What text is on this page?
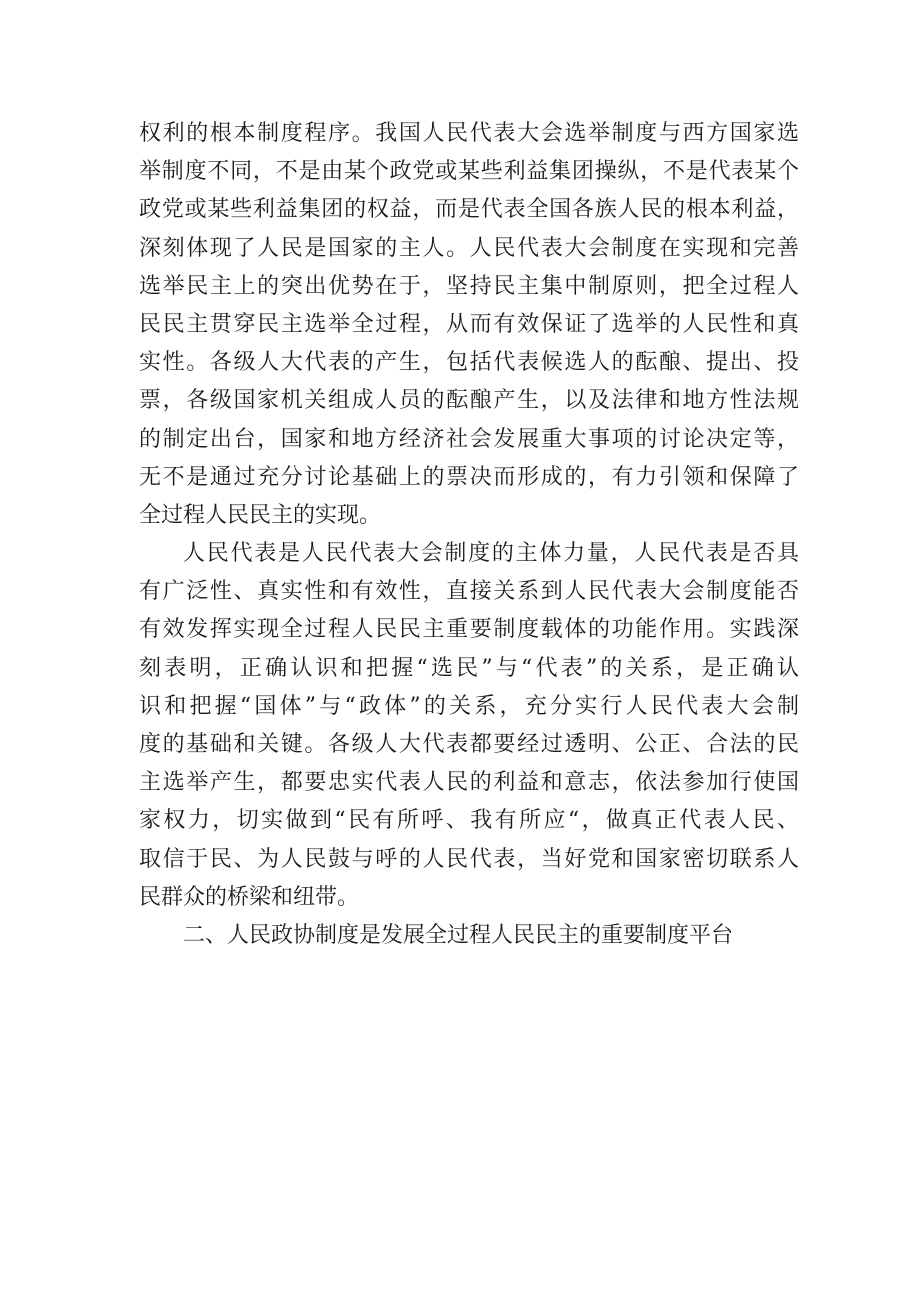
权利的根本制度程序。我国人民代表大会选举制度与西方国家选
举制度不同，不是由某个政党或某些利益集团操纵，不是代表某个
政党或某些利益集团的权益，而是代表全国各族人民的根本利益，
深刻体现了人民是国家的主人。人民代表大会制度在实现和完善
选举民主上的突出优势在于，坚持民主集中制原则，把全过程人
民民主贯穿民主选举全过程，从而有效保证了选举的人民性和真
实性。各级人大代表的产生，包括代表候选人的酝酿、提出、投
票，各级国家机关组成人员的酝酿产生，以及法律和地方性法规
的制定出台，国家和地方经济社会发展重大事项的讨论决定等，
无不是通过充分讨论基础上的票决而形成的，有力引领和保障了
全过程人民民主的实现。
人民代表是人民代表大会制度的主体力量，人民代表是否具
有广泛性、真实性和有效性，直接关系到人民代表大会制度能否
有效发挥实现全过程人民民主重要制度载体的功能作用。实践深
刻表明，正确认识和把握“选民”与“代表”的关系，是正确认
识和把握“国体”与“政体”的关系，充分实行人民代表大会制
度的基础和关键。各级人大代表都要经过透明、公正、合法的民
主选举产生，都要忠实代表人民的利益和意志，依法参加行使国
家权力，切实做到“民有所呼、我有所应“，做真正代表人民、
取信于民、为人民鼓与呼的人民代表，当好党和国家密切联系人
民群众的桥梁和纽带。
二、人民政协制度是发展全过程人民民主的重要制度平台
